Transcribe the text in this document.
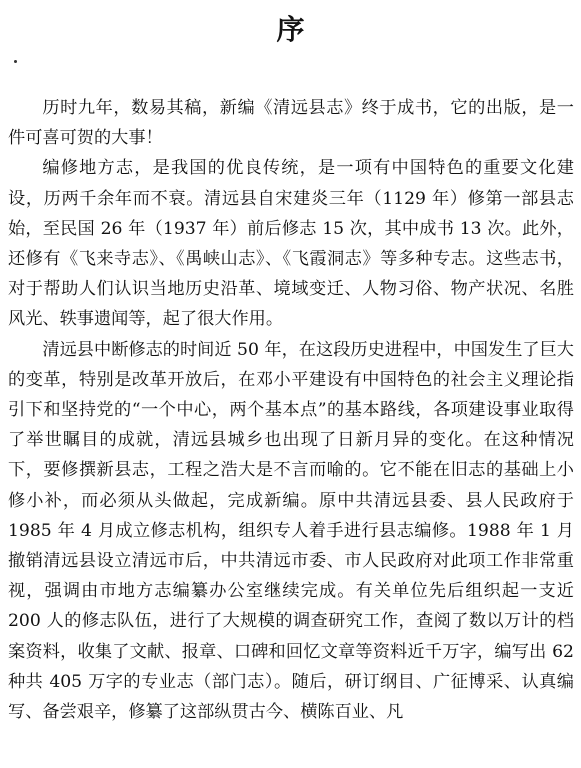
序

历时九年，数易其稿，新编《清远县志》终于成书，它的出版，是一件可喜可贺的大事！

编修地方志，是我国的优良传统，是一项有中国特色的重要文化建设，历两千余年而不衰。清远县自宋建炎三年（1129 年）修第一部县志始，至民国 26 年（1937 年）前后修志 15 次，其中成书 13 次。此外，还修有《飞来寺志》、《禺峡山志》、《飞霞洞志》等多种专志。这些志书，对于帮助人们认识当地历史沿革、境域变迁、人物习俗、物产状况、名胜风光、轶事遗闻等，起了很大作用。

清远县中断修志的时间近 50 年，在这段历史进程中，中国发生了巨大的变革，特别是改革开放后，在邓小平建设有中国特色的社会主义理论指引下和坚持党的“一个中心，两个基本点”的基本路线，各项建设事业取得了举世瞩目的成就，清远县城乡也出现了日新月异的变化。在这种情况下，要修撰新县志，工程之浩大是不言而喻的。它不能在旧志的基础上小修小补，而必须从头做起，完成新编。原中共清远县委、县人民政府于 1985 年 4 月成立修志机构，组织专人着手进行县志编修。1988 年 1 月撤销清远县设立清远市后，中共清远市委、市人民政府对此项工作非常重视，强调由市地方志编纂办公室继续完成。有关单位先后组织起一支近 200 人的修志队伍，进行了大规模的调查研究工作，查阅了数以万计的档案资料，收集了文献、报章、口碑和回忆文章等资料近千万字，编写出 62 种共 405 万字的专业志（部门志）。随后，研订纲目、广征博采、认真编写、备尝艰辛，修纂了这部纵贯古今、横陈百业、凡
